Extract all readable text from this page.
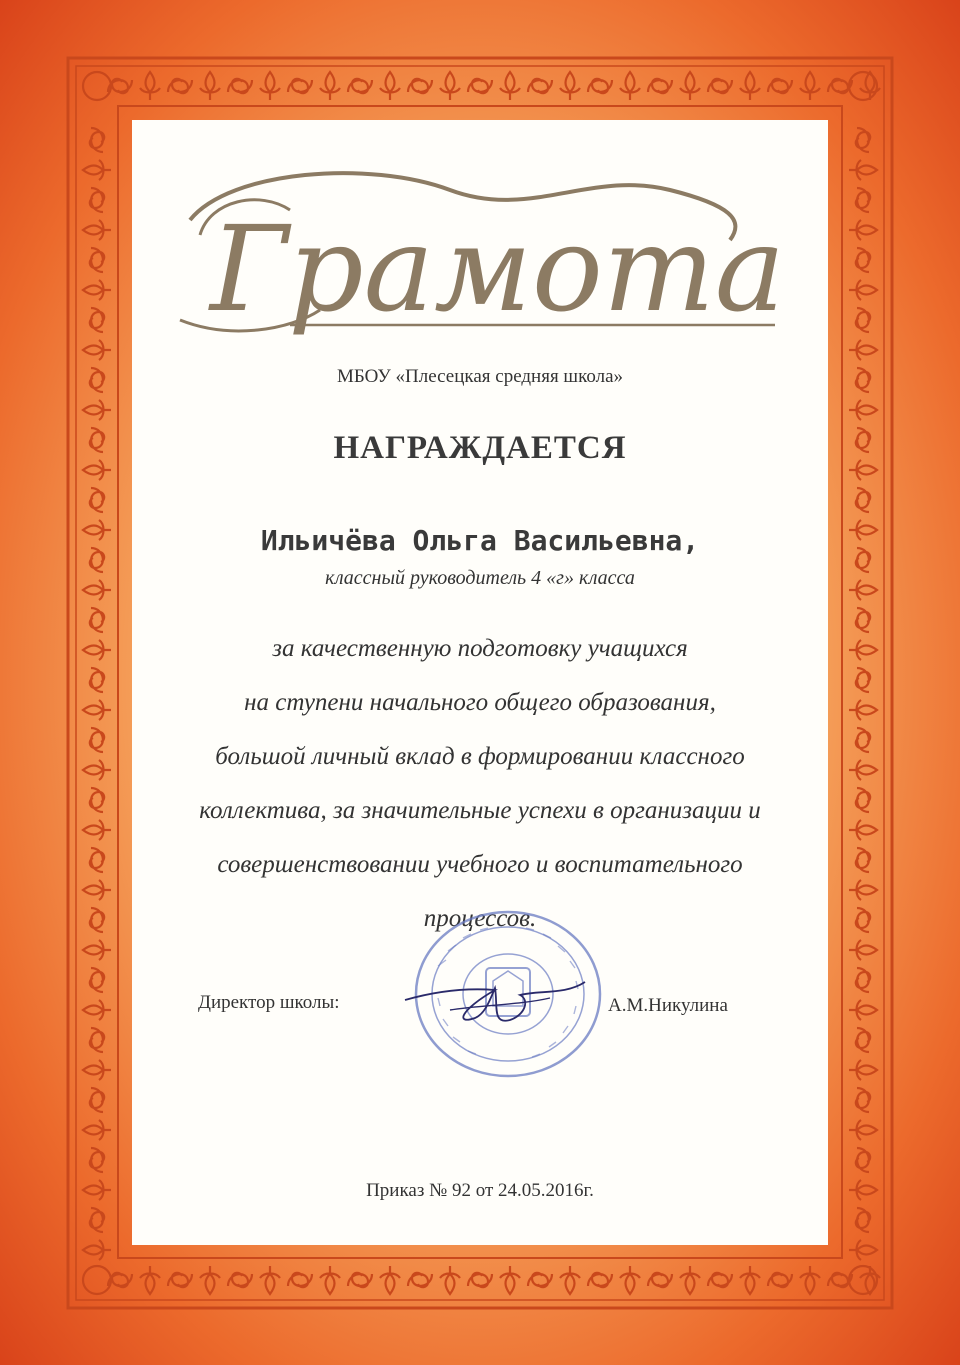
Грамота
МБОУ «Плесецкая средняя школа»
НАГРАЖДАЕТСЯ
Ильичёва Ольга Васильевна,
классный руководитель 4 «г» класса
за качественную подготовку учащихся
на ступени начального общего образования,
большой личный вклад в формировании классного
коллектива, за значительные успехи в организации и
совершенствовании учебного и воспитательного
процессов.
Директор школы:	А.М.Никулина
Приказ № 92 от 24.05.2016г.
